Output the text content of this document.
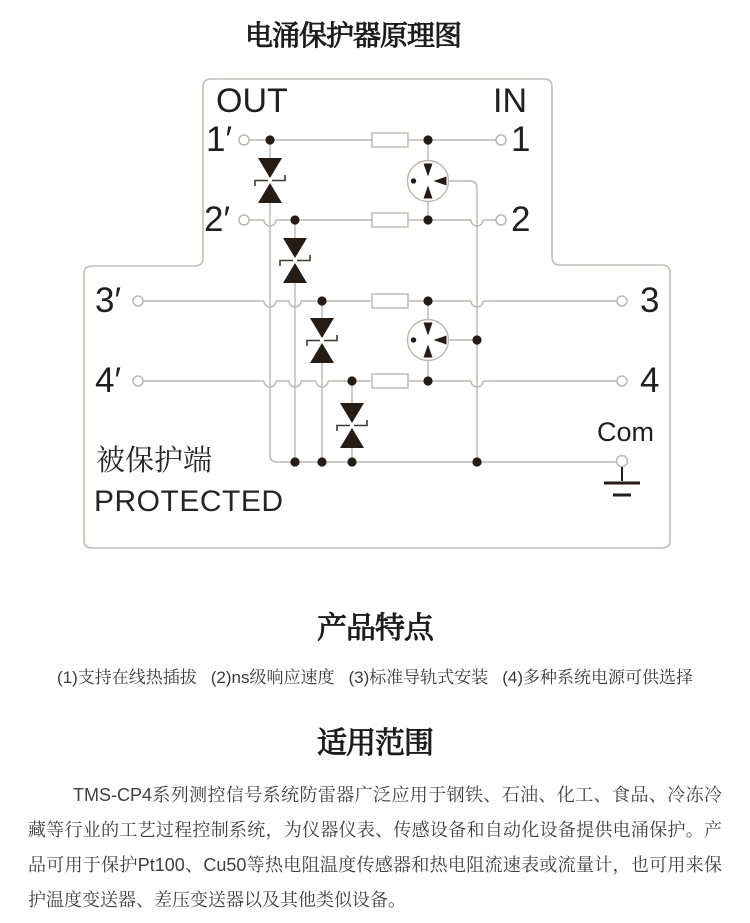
电涌保护器原理图
OUT	IN
1′
2′
3′
4′
1
2
3
4
Com
被保护端
PROTECTED
产品特点
(1)支持在线热插拔 (2)ns级响应速度 (3)标准导轨式安装 (4)多种系统电源可供选择
适用范围
TMS-CP4系列测控信号系统防雷器广泛应用于钢铁、石油、化工、食品、冷冻冷藏等行业的工艺过程控制系统，为仪器仪表、传感设备和自动化设备提供电涌保护。产品可用于保护Pt100、Cu50等热电阻温度传感器和热电阻流速表或流量计，也可用来保护温度变送器、差压变送器以及其他类似设备。
